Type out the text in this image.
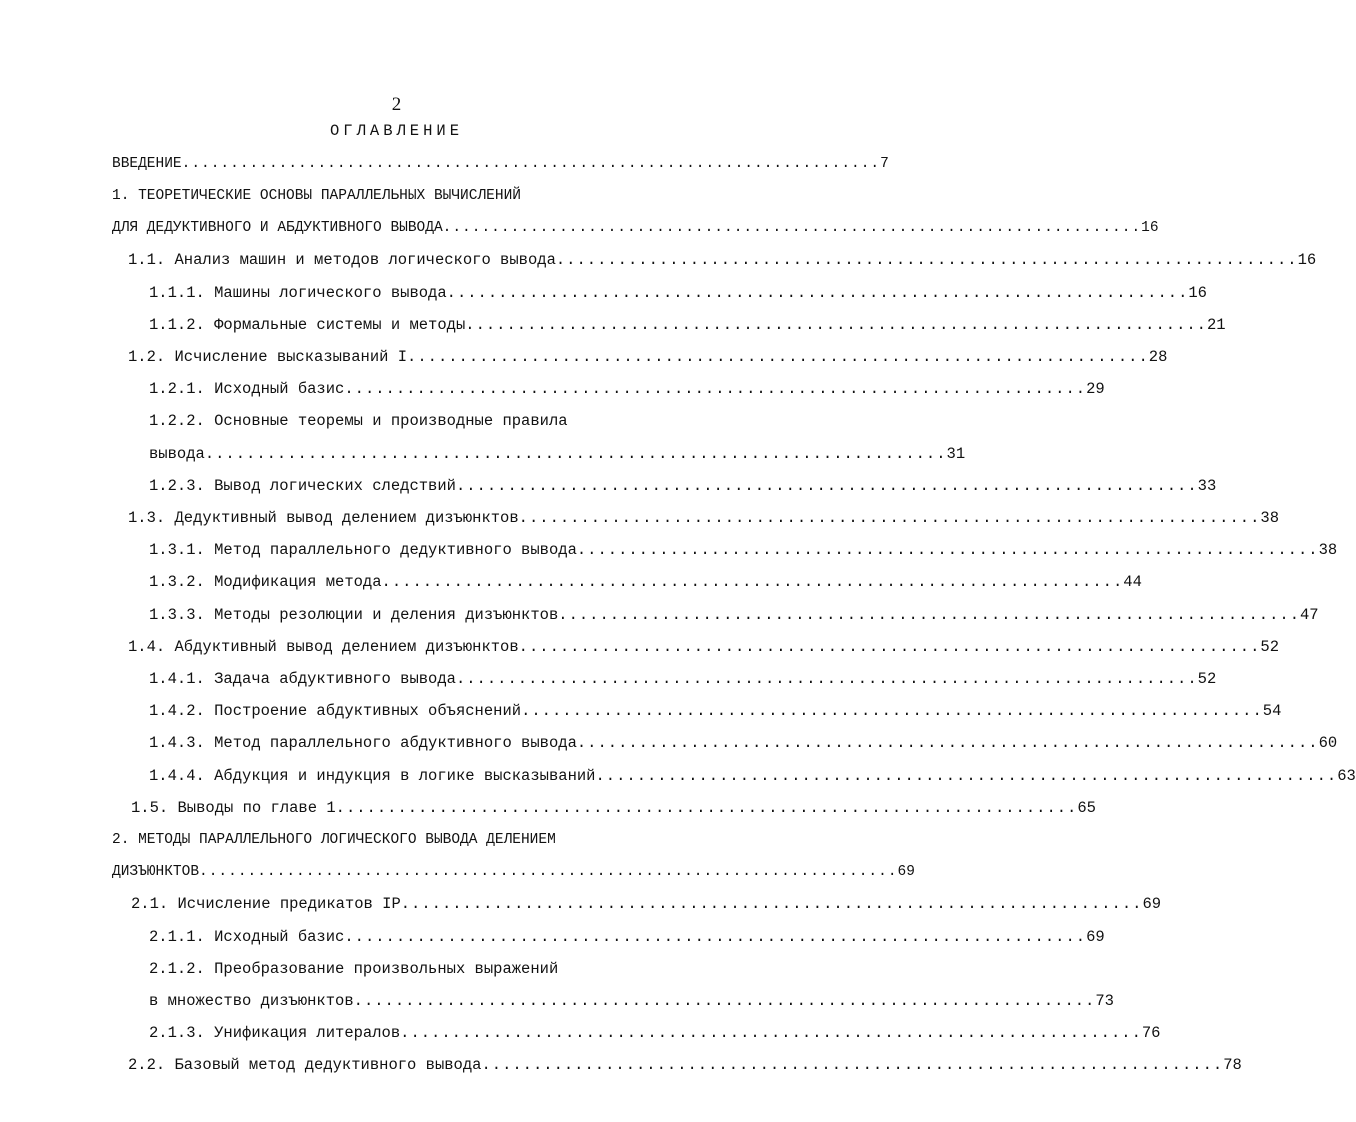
2
ОГЛАВЛЕНИЕ
ВВЕДЕНИЕ ........................................................................ 7
1. ТЕОРЕТИЧЕСКИЕ ОСНОВЫ ПАРАЛЛЕЛЬНЫХ ВЫЧИСЛЕНИЙ
ДЛЯ ДЕДУКТИВНОГО И АБДУКТИВНОГО ВЫВОДА ........................................................................ 16
1.1. Анализ машин и методов логического вывода ........................................................................ 16
1.1.1. Машины логического вывода ........................................................................ 16
1.1.2. Формальные системы и методы ........................................................................ 21
1.2. Исчисление высказываний I ........................................................................ 28
1.2.1. Исходный базис ........................................................................ 29
1.2.2. Основные теоремы и производные правила
вывода ........................................................................ 31
1.2.3. Вывод логических следствий ........................................................................ 33
1.3. Дедуктивный вывод делением дизъюнктов ........................................................................ 38
1.3.1. Метод параллельного дедуктивного вывода ........................................................................ 38
1.3.2. Модификация метода ........................................................................ 44
1.3.3. Методы резолюции и деления дизъюнктов ........................................................................ 47
1.4. Абдуктивный вывод делением дизъюнктов ........................................................................ 52
1.4.1. Задача абдуктивного вывода ........................................................................ 52
1.4.2. Построение абдуктивных объяснений ........................................................................ 54
1.4.3. Метод параллельного абдуктивного вывода ........................................................................ 60
1.4.4. Абдукция и индукция в логике высказываний ........................................................................ 63
1.5. Выводы по главе 1 ........................................................................ 65
2. МЕТОДЫ ПАРАЛЛЕЛЬНОГО ЛОГИЧЕСКОГО ВЫВОДА ДЕЛЕНИЕМ
ДИЗЪЮНКТОВ ........................................................................ 69
2.1. Исчисление предикатов IP ........................................................................ 69
2.1.1. Исходный базис ........................................................................ 69
2.1.2. Преобразование произвольных выражений
в множество дизъюнктов ........................................................................ 73
2.1.3. Унификация литералов ........................................................................ 76
2.2. Базовый метод дедуктивного вывода ........................................................................ 78
